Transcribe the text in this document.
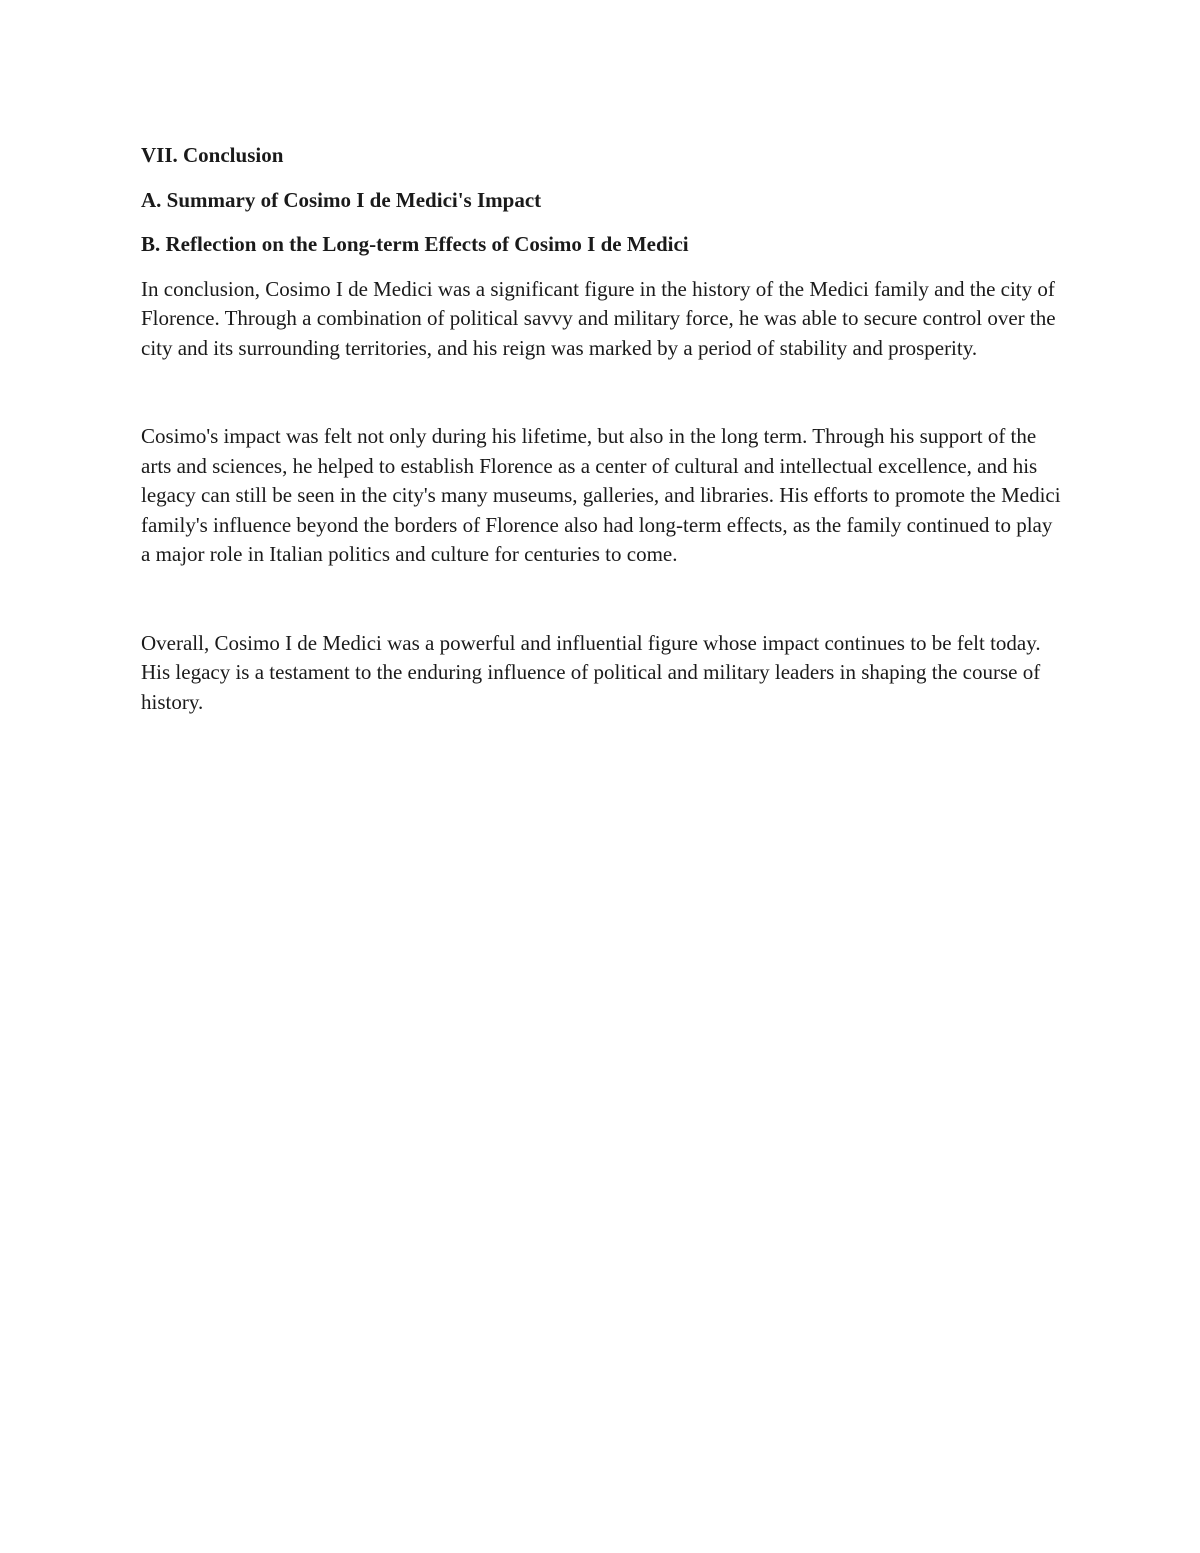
VII. Conclusion

A. Summary of Cosimo I de Medici's Impact

B. Reflection on the Long-term Effects of Cosimo I de Medici

In conclusion, Cosimo I de Medici was a significant figure in the history of the Medici family and the city of Florence. Through a combination of political savvy and military force, he was able to secure control over the city and its surrounding territories, and his reign was marked by a period of stability and prosperity.

Cosimo's impact was felt not only during his lifetime, but also in the long term. Through his support of the arts and sciences, he helped to establish Florence as a center of cultural and intellectual excellence, and his legacy can still be seen in the city's many museums, galleries, and libraries. His efforts to promote the Medici family's influence beyond the borders of Florence also had long-term effects, as the family continued to play a major role in Italian politics and culture for centuries to come.

Overall, Cosimo I de Medici was a powerful and influential figure whose impact continues to be felt today. His legacy is a testament to the enduring influence of political and military leaders in shaping the course of history.
